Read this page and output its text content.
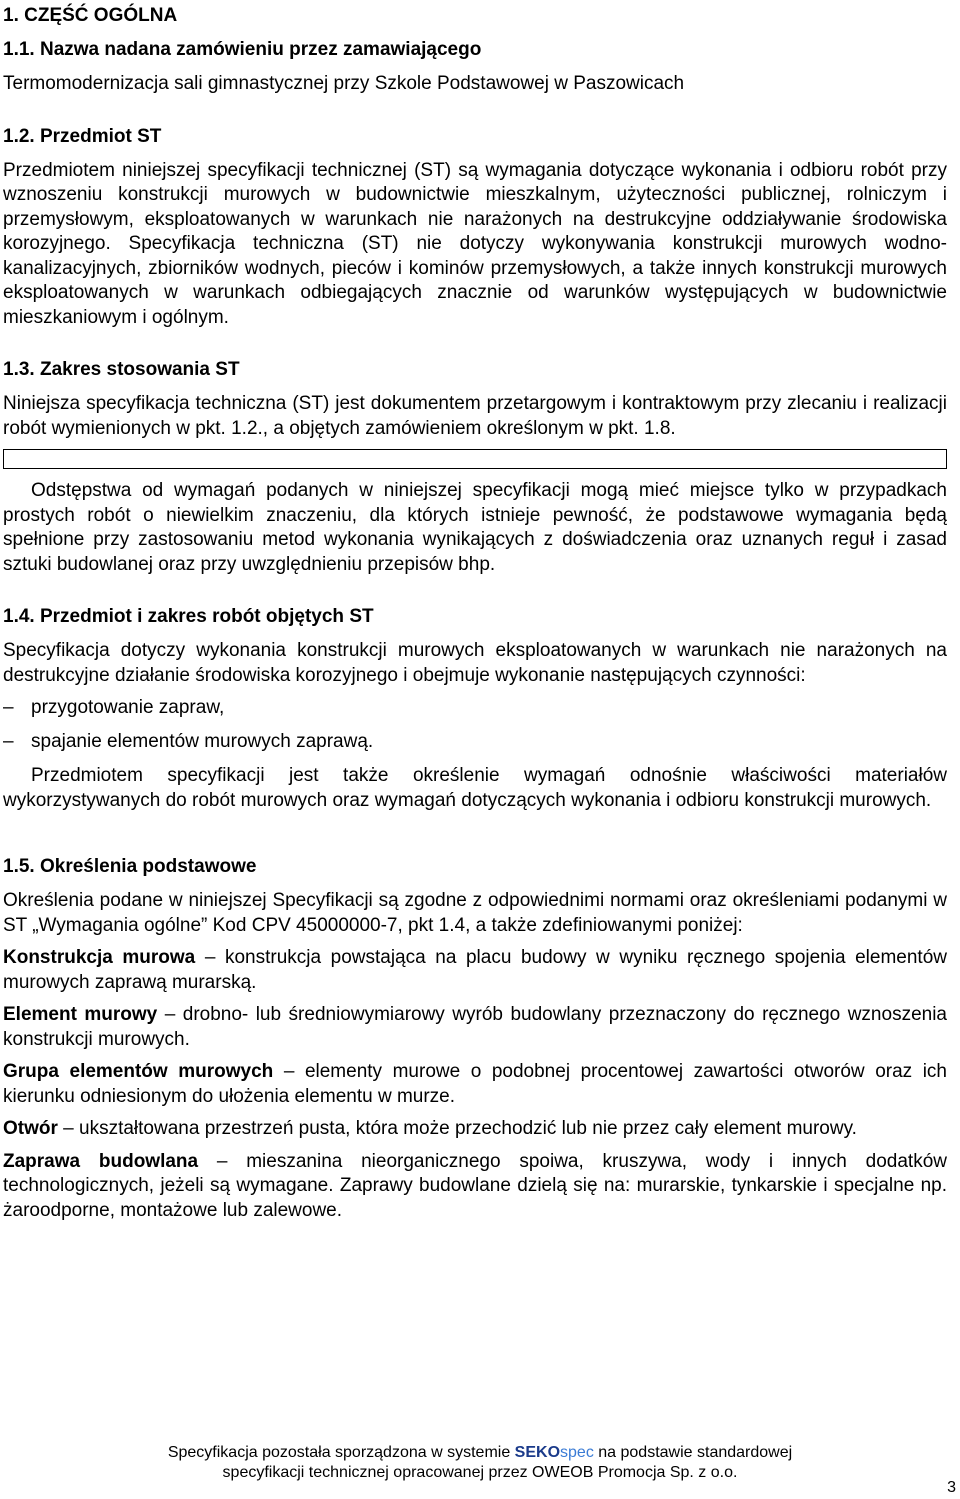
1. CZĘŚĆ OGÓLNA
1.1. Nazwa nadana zamówieniu przez zamawiającego

Termomodernizacja sali gimnastycznej przy Szkole Podstawowej w Paszowicach

1.2. Przedmiot ST

Przedmiotem niniejszej specyfikacji technicznej (ST) są wymagania dotyczące wykonania i odbioru robót przy wznoszeniu konstrukcji murowych w budownictwie mieszkalnym, użyteczności publicznej, rolniczym i przemysłowym, eksploatowanych w warunkach nie narażonych na destrukcyjne oddziaływanie środowiska korozyjnego. Specyfikacja techniczna (ST) nie dotyczy wykonywania konstrukcji murowych wodno-kanalizacyjnych, zbiorników wodnych, pieców i kominów przemysłowych, a także innych konstrukcji murowych eksploatowanych w warunkach odbiegających znacznie od warunków występujących w budownictwie mieszkaniowym i ogólnym.

1.3. Zakres stosowania ST

Niniejsza specyfikacja techniczna (ST) jest dokumentem przetargowym i kontraktowym przy zlecaniu i realizacji robót wymienionych w pkt. 1.2., a objętych zamówieniem określonym w pkt. 1.8.

Odstępstwa od wymagań podanych w niniejszej specyfikacji mogą mieć miejsce tylko w przypadkach prostych robót o niewielkim znaczeniu, dla których istnieje pewność, że podstawowe wymagania będą spełnione przy zastosowaniu metod wykonania wynikających z doświadczenia oraz uznanych reguł i zasad sztuki budowlanej oraz przy uwzględnieniu przepisów bhp.

1.4. Przedmiot i zakres robót objętych ST

Specyfikacja dotyczy wykonania konstrukcji murowych eksploatowanych w warunkach nie narażonych na destrukcyjne działanie środowiska korozyjnego i obejmuje wykonanie następujących czynności:

– przygotowanie zapraw,
– spajanie elementów murowych zaprawą.

Przedmiotem specyfikacji jest także określenie wymagań odnośnie właściwości materiałów wykorzystywanych do robót murowych oraz wymagań dotyczących wykonania i odbioru konstrukcji murowych.

1.5. Określenia podstawowe

Określenia podane w niniejszej Specyfikacji są zgodne z odpowiednimi normami oraz określeniami podanymi w ST „Wymagania ogólne” Kod CPV 45000000-7, pkt 1.4, a także zdefiniowanymi poniżej:

Konstrukcja murowa – konstrukcja powstająca na placu budowy w wyniku ręcznego spojenia elementów murowych zaprawą murarską.

Element murowy – drobno- lub średniowymiarowy wyrób budowlany przeznaczony do ręcznego wznoszenia konstrukcji murowych.

Grupa elementów murowych – elementy murowe o podobnej procentowej zawartości otworów oraz ich kierunku odniesionym do ułożenia elementu w murze.

Otwór – ukształtowana przestrzeń pusta, która może przechodzić lub nie przez cały element murowy.

Zaprawa budowlana – mieszanina nieorganicznego spoiwa, kruszywa, wody i innych dodatków technologicznych, jeżeli są wymagane. Zaprawy budowlane dzielą się na: murarskie, tynkarskie i specjalne np. żaroodporne, montażowe lub zalewowe.

Specyfikacja pozostała sporządzona w systemie SEKOspec na podstawie standardowej
specyfikacji technicznej opracowanej przez OWEOB Promocja Sp. z o.o.
3
